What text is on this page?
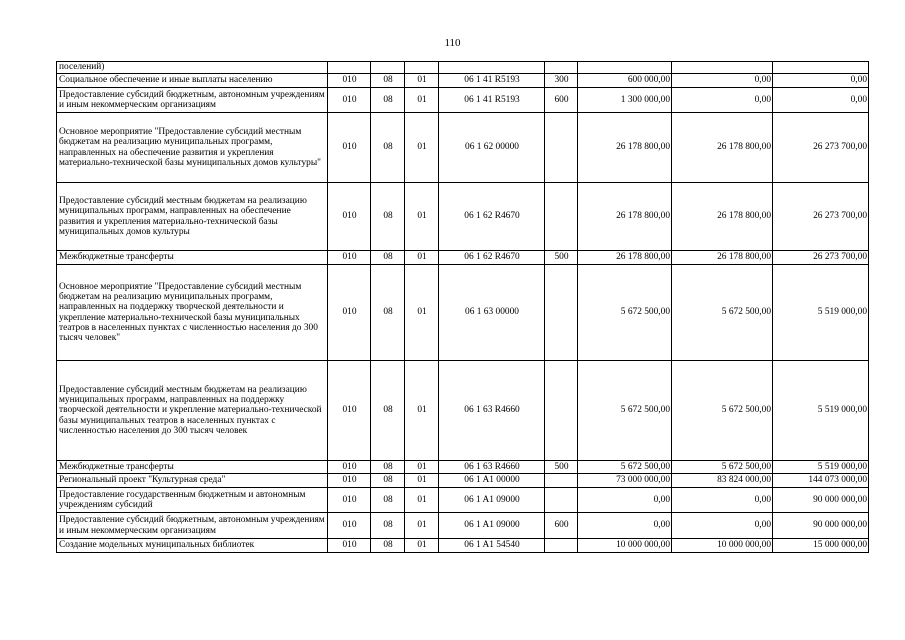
110
поселений)								
Социальное обеспечение и иные выплаты населению	010	08	01	06 1 41 R5193	300	600 000,00	0,00	0,00
Предоставление субсидий бюджетным, автономным учреждениям и иным некоммерческим организациям	010	08	01	06 1 41 R5193	600	1 300 000,00	0,00	0,00
Основное мероприятие "Предоставление субсидий местным бюджетам на реализацию муниципальных программ, направленных на обеспечение развития и укрепления материально-технической базы муниципальных домов культуры"	010	08	01	06 1 62 00000		26 178 800,00	26 178 800,00	26 273 700,00
Предоставление субсидий местным бюджетам на реализацию муниципальных программ, направленных на обеспечение развития и укрепления материально-технической базы муниципальных домов культуры	010	08	01	06 1 62 R4670		26 178 800,00	26 178 800,00	26 273 700,00
Межбюджетные трансферты	010	08	01	06 1 62 R4670	500	26 178 800,00	26 178 800,00	26 273 700,00
Основное мероприятие "Предоставление субсидий местным бюджетам на реализацию муниципальных программ, направленных на поддержку творческой деятельности и укрепление материально-технической базы муниципальных театров в населенных пунктах с численностью населения до 300 тысяч человек"	010	08	01	06 1 63 00000		5 672 500,00	5 672 500,00	5 519 000,00
Предоставление субсидий местным бюджетам на реализацию муниципальных программ, направленных на поддержку творческой деятельности и укрепление материально-технической базы муниципальных театров в населенных пунктах с численностью населения до 300 тысяч человек	010	08	01	06 1 63 R4660		5 672 500,00	5 672 500,00	5 519 000,00
Межбюджетные трансферты	010	08	01	06 1 63 R4660	500	5 672 500,00	5 672 500,00	5 519 000,00
Региональный проект "Культурная среда"	010	08	01	06 1 A1 00000		73 000 000,00	83 824 000,00	144 073 000,00
Предоставление государственным бюджетным и автономным учреждениям субсидий	010	08	01	06 1 A1 09000		0,00	0,00	90 000 000,00
Предоставление субсидий бюджетным, автономным учреждениям и иным некоммерческим организациям	010	08	01	06 1 A1 09000	600	0,00	0,00	90 000 000,00
Создание модельных муниципальных библиотек	010	08	01	06 1 A1 54540		10 000 000,00	10 000 000,00	15 000 000,00
